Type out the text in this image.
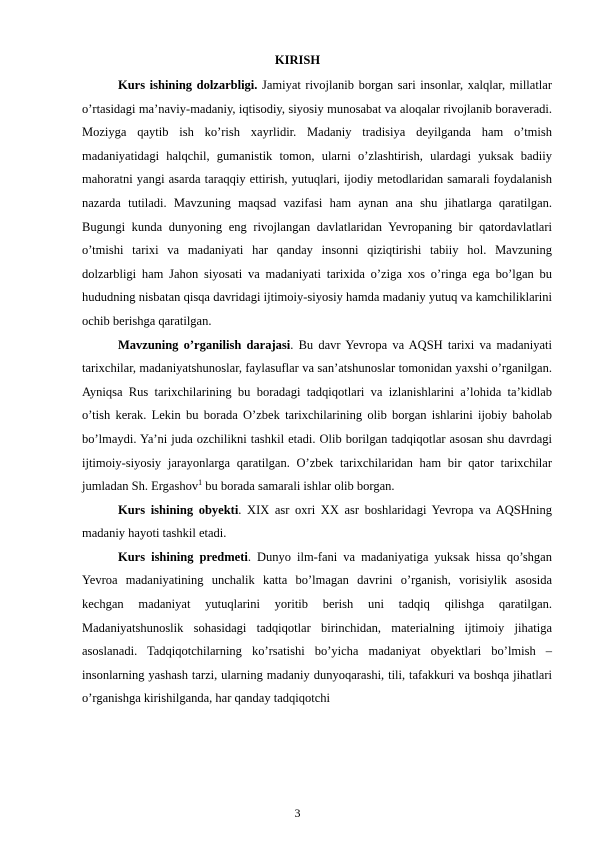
KIRISH

Kurs ishining dolzarbligi. Jamiyat rivojlanib borgan sari insonlar, xalqlar, millatlar o’rtasidagi ma’naviy-madaniy, iqtisodiy, siyosiy munosabat va aloqalar rivojlanib boraveradi. Moziyga qaytib ish ko’rish xayrlidir. Madaniy tradisiya deyilganda ham o’tmish madaniyatidagi halqchil, gumanistik tomon, ularni o’zlashtirish, ulardagi yuksak badiiy mahoratni yangi asarda taraqqiy ettirish, yutuqlari, ijodiy metodlaridan samarali foydalanish nazarda tutiladi. Mavzuning maqsad vazifasi ham aynan ana shu jihatlarga qaratilgan. Bugungi kunda dunyoning eng rivojlangan davlatlaridan Yevropaning bir qatordavlatlari o’tmishi tarixi va madaniyati har qanday insonni qiziqtirishi tabiiy hol. Mavzuning dolzarbligi ham Jahon siyosati va madaniyati tarixida o’ziga xos o’ringa ega bo’lgan bu hududning nisbatan qisqa davridagi ijtimoiy-siyosiy hamda madaniy yutuq va kamchiliklarini ochib berishga qaratilgan.

Mavzuning o’rganilish darajasi. Bu davr Yevropa va AQSH tarixi va madaniyati tarixchilar, madaniyatshunoslar, faylasuflar va san’atshunoslar tomonidan yaxshi o’rganilgan. Ayniqsa Rus tarixchilarining bu boradagi tadqiqotlari va izlanishlarini a’lohida ta’kidlab o’tish kerak. Lekin bu borada O’zbek tarixchilarining olib borgan ishlarini ijobiy baholab bo’lmaydi. Ya’ni juda ozchilikni tashkil etadi. Olib borilgan tadqiqotlar asosan shu davrdagi ijtimoiy-siyosiy jarayonlarga qaratilgan. O’zbek tarixchilaridan ham bir qator tarixchilar jumladan Sh. Ergashov$^1$ bu borada samarali ishlar olib borgan.

Kurs ishining obyekti. XIX asr oxri XX asr boshlaridagi Yevropa va AQSHning madaniy hayoti tashkil etadi.

Kurs ishining predmeti. Dunyo ilm-fani va madaniyatiga yuksak hissa qo’shgan Yevroa madaniyatining unchalik katta bo’lmagan davrini o’rganish, vorisiylik asosida kechgan madaniyat yutuqlarini yoritib berish uni tadqiq qilishga qaratilgan. Madaniyatshunoslik sohasidagi tadqiqotlar birinchidan, materialning ijtimoiy jihatiga asoslanadi. Tadqiqotchilarning ko’rsatishi bo’yicha madaniyat obyektlari bo’lmish – insonlarning yashash tarzi, ularning madaniy dunyoqarashi, tili, tafakkuri va boshqa jihatlari o’rganishga kirishilganda, har qanday tadqiqotchi

3
